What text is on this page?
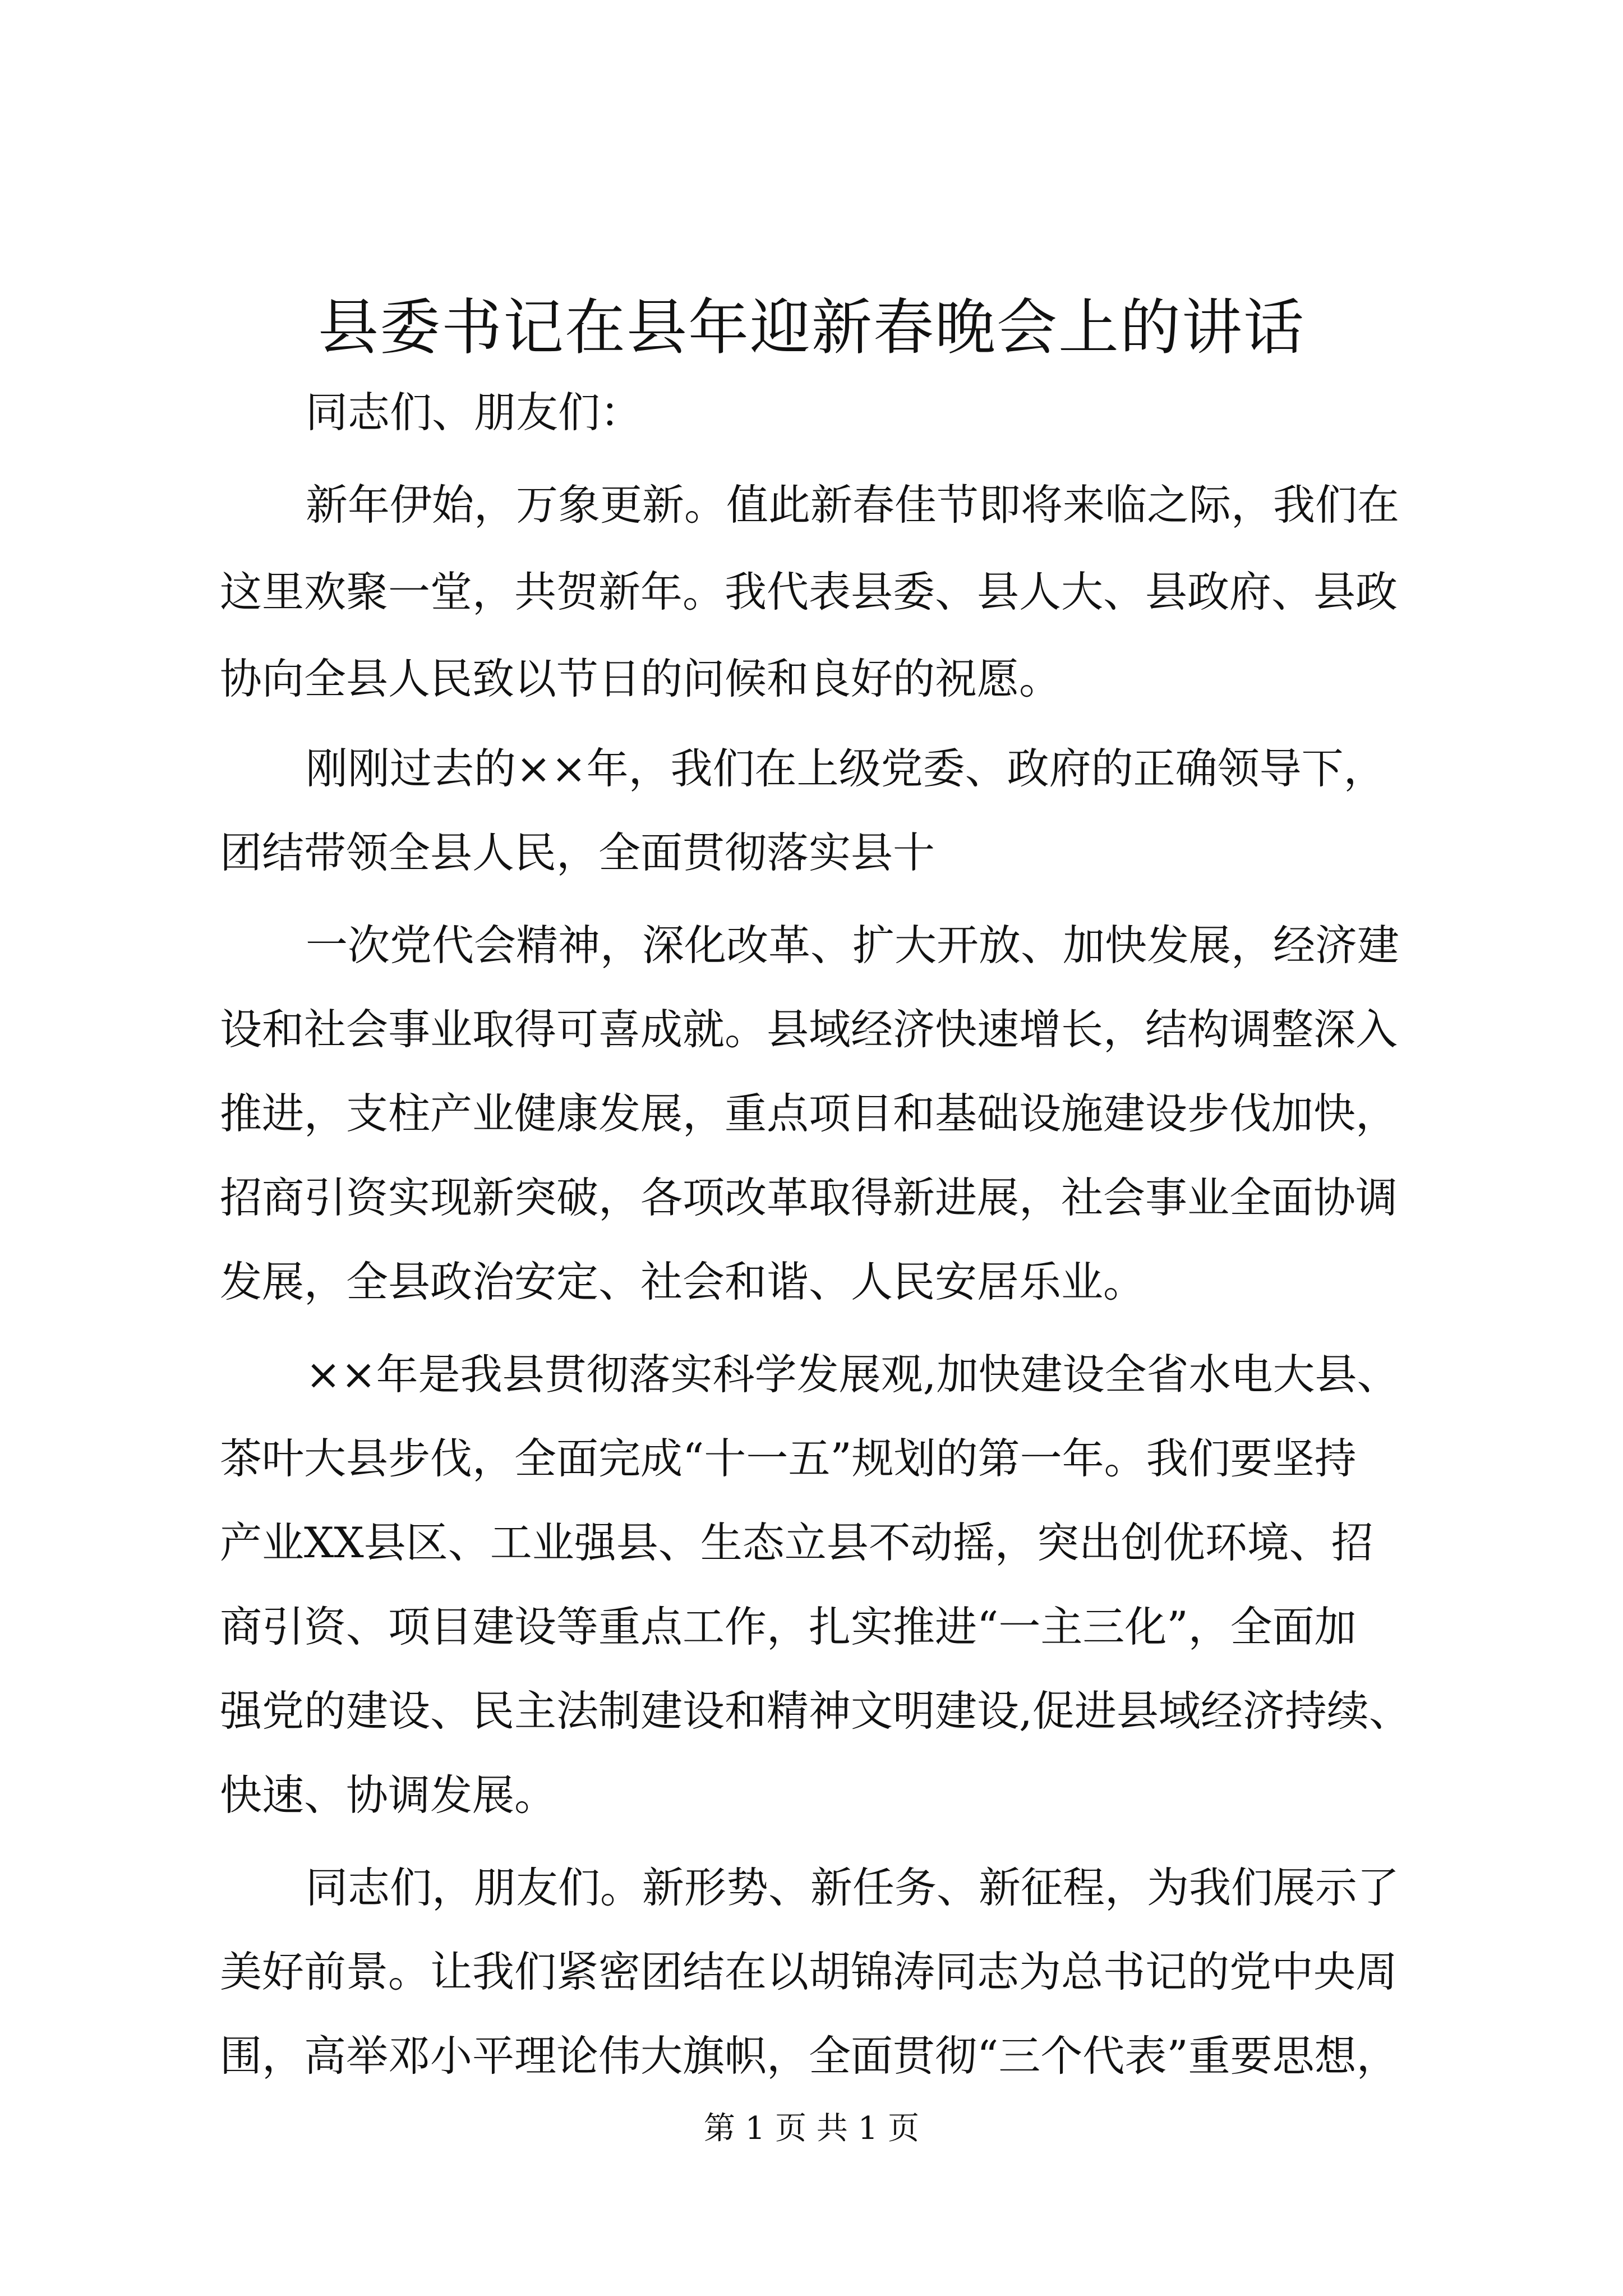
县委书记在县年迎新春晚会上的讲话
同志们、朋友们：
新年伊始，万象更新。值此新春佳节即将来临之际，我们在
这里欢聚一堂，共贺新年。我代表县委、县人大、县政府、县政
协向全县人民致以节日的问候和良好的祝愿。
刚刚过去的××年，我们在上级党委、政府的正确领导下，
团结带领全县人民，全面贯彻落实县十
一次党代会精神，深化改革、扩大开放、加快发展，经济建
设和社会事业取得可喜成就。县域经济快速增长，结构调整深入
推进，支柱产业健康发展，重点项目和基础设施建设步伐加快，
招商引资实现新突破，各项改革取得新进展，社会事业全面协调
发展，全县政治安定、社会和谐、人民安居乐业。
××年是我县贯彻落实科学发展观,加快建设全省水电大县、
茶叶大县步伐，全面完成“十一五”规划的第一年。我们要坚持
产业XX县区、工业强县、生态立县不动摇，突出创优环境、招
商引资、项目建设等重点工作，扎实推进“一主三化”，全面加
强党的建设、民主法制建设和精神文明建设,促进县域经济持续、
快速、协调发展。
同志们，朋友们。新形势、新任务、新征程，为我们展示了
美好前景。让我们紧密团结在以胡锦涛同志为总书记的党中央周
围，高举邓小平理论伟大旗帜，全面贯彻“三个代表”重要思想，
第 1 页 共 1 页
